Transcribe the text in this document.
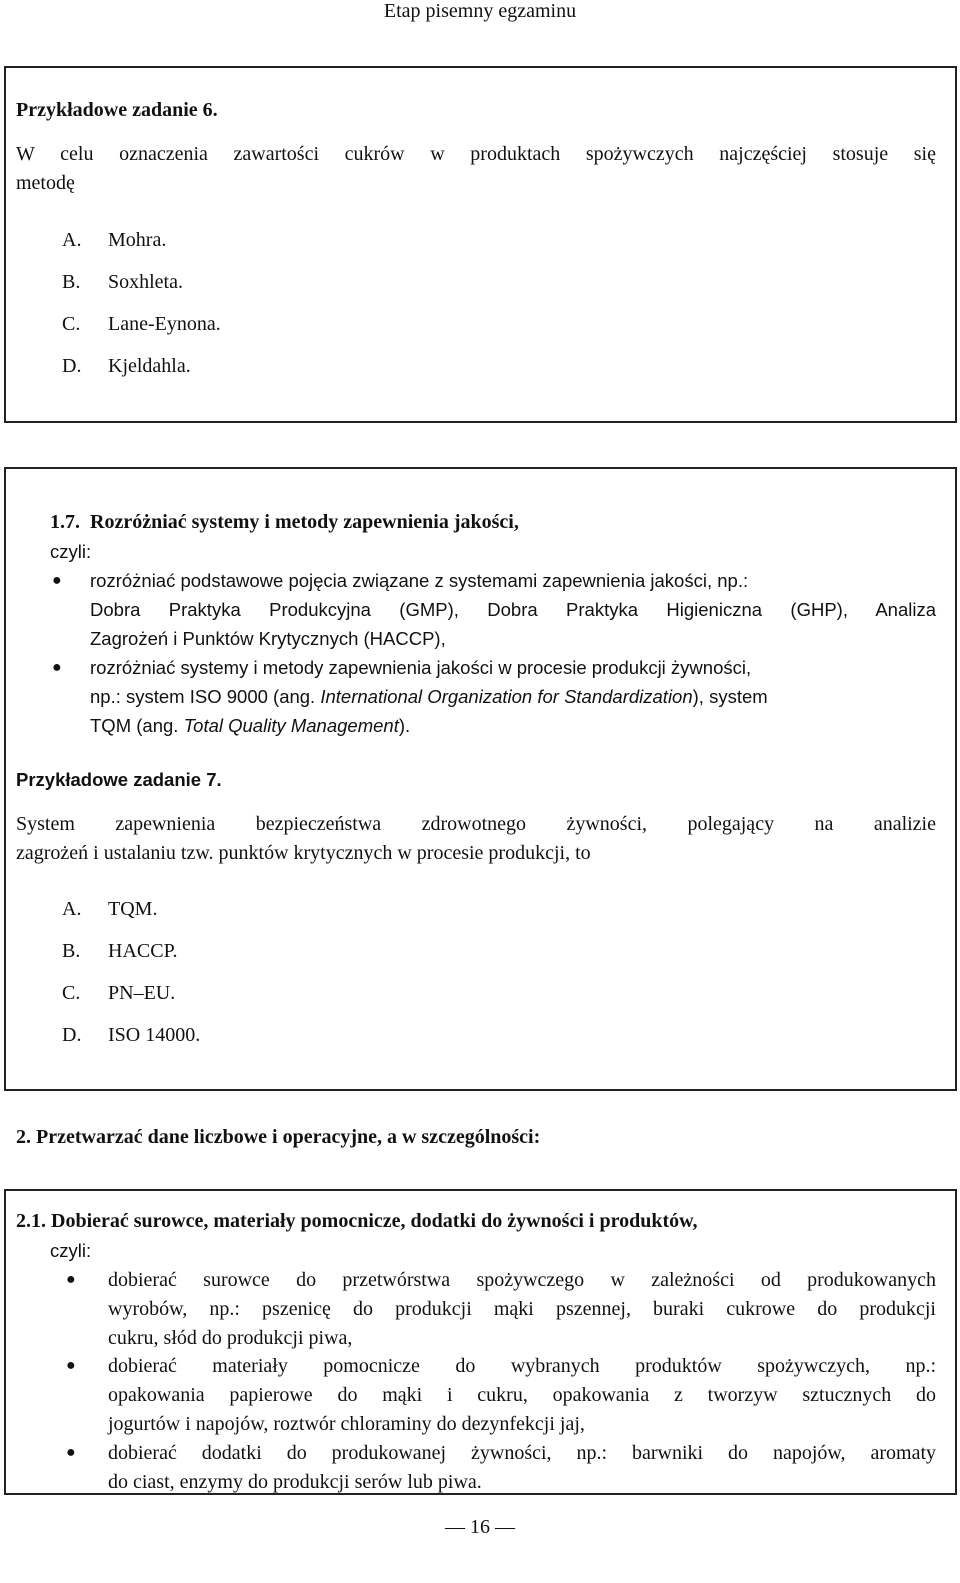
Etap pisemny egzaminu
Przykładowe zadanie 6.
W celu oznaczenia zawartości cukrów w produktach spożywczych najczęściej stosuje się
metodę
A. Mohra.
B. Soxhleta.
C. Lane-Eynona.
D. Kjeldahla.
1.7. Rozróżniać systemy i metody zapewnienia jakości,
czyli:
● rozróżniać podstawowe pojęcia związane z systemami zapewnienia jakości, np.:
Dobra Praktyka Produkcyjna (GMP), Dobra Praktyka Higieniczna (GHP), Analiza
Zagrożeń i Punktów Krytycznych (HACCP),
● rozróżniać systemy i metody zapewnienia jakości w procesie produkcji żywności,
np.: system ISO 9000 (ang. International Organization for Standardization), system
TQM (ang. Total Quality Management).
Przykładowe zadanie 7.
System zapewnienia bezpieczeństwa zdrowotnego żywności, polegający na analizie
zagrożeń i ustalaniu tzw. punktów krytycznych w procesie produkcji, to
A. TQM.
B. HACCP.
C. PN–EU.
D. ISO 14000.
2. Przetwarzać dane liczbowe i operacyjne, a w szczególności:
2.1. Dobierać surowce, materiały pomocnicze, dodatki do żywności i produktów,
czyli:
● dobierać surowce do przetwórstwa spożywczego w zależności od produkowanych
wyrobów, np.: pszenicę do produkcji mąki pszennej, buraki cukrowe do produkcji
cukru, słód do produkcji piwa,
● dobierać materiały pomocnicze do wybranych produktów spożywczych, np.:
opakowania papierowe do mąki i cukru, opakowania z tworzyw sztucznych do
jogurtów i napojów, roztwór chloraminy do dezynfekcji jaj,
● dobierać dodatki do produkowanej żywności, np.: barwniki do napojów, aromaty
do ciast, enzymy do produkcji serów lub piwa.
— 16 —
